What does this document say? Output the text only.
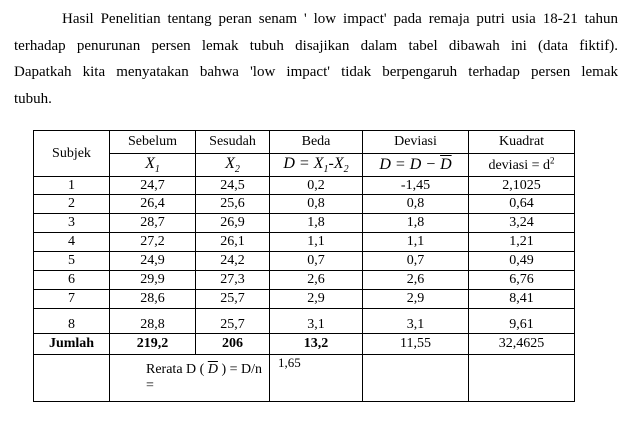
Hasil Penelitian tentang peran senam ' low impact' pada remaja putri usia 18-21 tahun
terhadap penurunan persen lemak tubuh disajikan dalam tabel dibawah ini (data fiktif).
Dapatkah kita menyatakan bahwa 'low impact' tidak berpengaruh terhadap persen lemak
tubuh.
Subjek	Sebelum	Sesudah	Beda	Deviasi	Kuadrat
	$X_1$	$X_2$	$D = X_1-X_2$	$D = D - \overline{D}$	deviasi = $d^2$
1	24,7	24,5	0,2	-1,45	2,1025
2	26,4	25,6	0,8	0,8	0,64
3	28,7	26,9	1,8	1,8	3,24
4	27,2	26,1	1,1	1,1	1,21
5	24,9	24,2	0,7	0,7	0,49
6	29,9	27,3	2,6	2,6	6,76
7	28,6	25,7	2,9	2,9	8,41
8	28,8	25,7	3,1	3,1	9,61
Jumlah	219,2	206	13,2	11,55	32,4625
	Rerata D ( $\overline{D}$ ) = D/n =		1,65		
